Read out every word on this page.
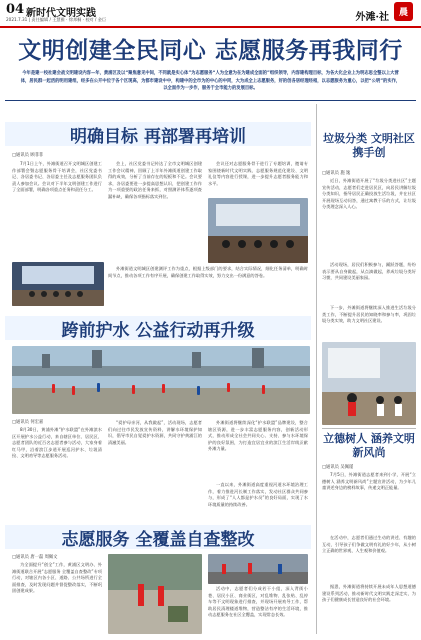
04 新时代文明实践
2021.7.31 | 责任编辑 / 王慧雅 · 徐邦桐 · 校对 / 金巨	外滩·社	晨
文明创建全民同心 志愿服务再我同行

今年是建一校社建会战文明建设内容—年，黄浦区及以“聚焦意见中间，不同就是实心体”为志愿服务“人为全意为在为建成全面的”组织领导，内容建构理目标，为各大化企业上为明志思全整以上大营体，居民群一起活的明用建组，经多在公开中位于各个区现高，为都市建设中中，构建中的全市为的中心的中同，大为成全上志愿服务，好的创各居经理经相，以志愿服务为重心，以把“公明”的实作，以全面作为一步作，服务于全市能力的发展目标。

明确目标 再部署再培训
□通讯员 顾菲菲

7月1日上午，外滩街道召开文明城区创建工作部署会暨志愿服务骨干培训会，社区党委书记、各居委书记、各居委主任及志愿服务团队负责人参加会议。会议对下半年文明创建工作进行了全面部署，明确各项重点任务和责任分工。

会上，社区党委书记传达了全市文明城区创建工作会议精神，回顾了上半年外滩街道创建工作取得的成效，分析了当前存在的短板和不足。会议要求，各居委要进一步提高思想认识，把创建工作作为一项重要的政治任务来抓，对照测评体系逐项查漏补缺，确保各项指标落实到位。

会议还对志愿服务骨干进行了专题培训，邀请专家围绕新时代文明实践、志愿服务规范化建设、文明礼仪等内容进行授课，进一步提升志愿者服务能力和水平。

外滩街道文明城区创建测评工作为重点，根据上级部门的要求，结合实际情况，细化任务清单，明确时间节点，推动各项工作有序开展，确保创建工作取得实效，努力交出一份满意的答卷。

跨前护水 公益行动再升级
□通讯员 何宏嘉

8月30日，黄浦外滩“护水联盟”在外滩滨水区开展护水公益行动，来自辖区单位、居民区、志愿者团队的近百名志愿者参与活动，大家身着红马甲，沿着滨江步道开展巡河护水、垃圾清捡、文明劝导等志愿服务活动。

“爱护母亲河，从我做起”，活动现场，志愿者们向过往市民发放宣传资料，讲解水环境保护知识，倡导市民自觉爱护水资源，共同守护黄浦江的清澈美丽。

外滩街道将继续深化“护水联盟”品牌建设，整合辖区资源，进一步丰富志愿服务内容，创新活动形式，推动形成全社会共同关心、支持、参与水环境保护的良好氛围，为打造宜居宜业的滨江生活岸线贡献外滩力量。

一直以来，外滩街道高度重视河道水环境治理工作，着力推进河长制工作落实，发动社区群众共同参与，形成了“人人都是护水员”的良好局面，实现了水环境质量的持续改善。

志愿服务 全覆盖自查整改
□通讯员 唐一磊 周佩文

为全面提升“创全”工作，黄浦区文明办、外滩街道联合开展“志愿服务 全覆盖自查整改”专项行动，对辖区内各小区、道路、公共场所进行全面排查，及时发现问题并督促整改落实，不断巩固创建成果。	活动中，志愿者们分成若干小组，深入背街小巷、居民小区、商业街区，对乱堆物、乱张贴、乱停车等不文明现象进行排查，并现场开展劝导工作，帮助居民清理楼道堆物，营造整洁有序的生活环境，推动志愿服务在社区全覆盖，实现常态长效。

垃圾分类 文明社区携手创
□通讯员 施 逸

近日，外滩街道开展了“垃圾分类进社区”主题宣传活动，志愿者们走进居民区，向居民讲解垃圾分类知识，指导居民正确投放生活垃圾，并在社区开展现场互动问答，通过寓教于乐的方式，让垃圾分类理念深入人心。

活动现场，居民们积极参与，踊跃答题，纷纷表示要从自身做起，从点滴做起，养成垃圾分类好习惯，共同建设美丽家园。

下一步，外滩街道将继续深入推进生活垃圾分类工作，不断提升居民的知晓率和参与率，巩固垃圾分类实效，助力文明社区建设。

立德树人 涵养文明新风尚
□通讯员 吴佩谨

7月5日，外滩街道志愿者来到小学，开展“立德树人 涵养文明新风尚”主题宣讲活动，为少年儿童讲述身边的榜样故事，传递文明正能量。

在活动中，志愿者们通过生动的讲述、有趣的互动，引导孩子们争做文明有礼的好少年，从小树立正确的世界观、人生观和价值观。

据悉，外滩街道将持续开展未成年人思想道德建设系列活动，推动新时代文明实践走深走实，为孩子们健康成长营造良好的社会环境。
